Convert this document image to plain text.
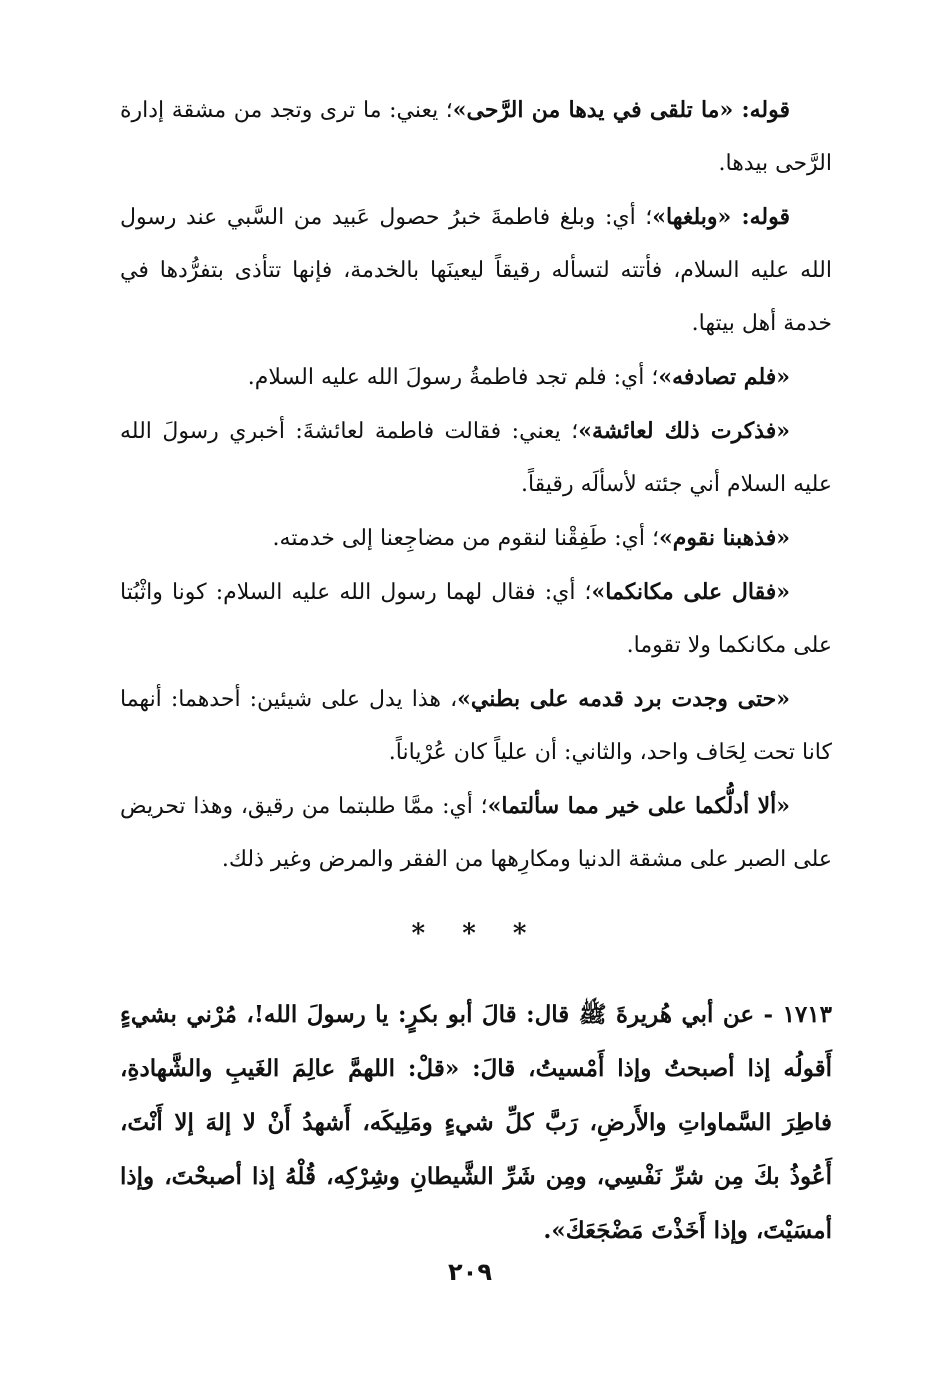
قوله: «ما تلقى في يدها من الرَّحى»؛ يعني: ما ترى وتجد من مشقة إدارة الرَّحى بيدها.

قوله: «وبلغها»؛ أي: وبلغ فاطمةَ خبرُ حصول عَبيد من السَّبي عند رسول الله عليه السلام، فأتته لتسأله رقيقاً ليعينَها بالخدمة، فإنها تتأذى بتفرُّدها في خدمة أهل بيتها.

«فلم تصادفه»؛ أي: فلم تجد فاطمةُ رسولَ الله عليه السلام.

«فذكرت ذلك لعائشة»؛ يعني: فقالت فاطمة لعائشةَ: أخبري رسولَ الله عليه السلام أني جئته لأسألَه رقيقاً.

«فذهبنا نقوم»؛ أي: طَفِقْنا لنقوم من مضاجِعنا إلى خدمته.

«فقال على مكانكما»؛ أي: فقال لهما رسول الله عليه السلام: كونا واثْبُتا على مكانكما ولا تقوما.

«حتى وجدت برد قدمه على بطني»، هذا يدل على شيئين: أحدهما: أنهما كانا تحت لِحَاف واحد، والثاني: أن علياً كان عُرْياناً.

«ألا أدلُّكما على خير مما سألتما»؛ أي: ممَّا طلبتما من رقيق، وهذا تحريض على الصبر على مشقة الدنيا ومكارِهها من الفقر والمرض وغير ذلك.

* * *

١٧١٣ - عن أبي هُريرةَ ﷺ قال: قالَ أبو بكرٍ: يا رسولَ الله!، مُرْني بشيءٍ أَقولُه إذا أصبحتُ وإذا أَمْسيتُ، قالَ: «قلْ: اللهمَّ عالِمَ الغَيبِ والشَّهادةِ، فاطِرَ السَّماواتِ والأَرضِ، رَبَّ كلِّ شيءٍ ومَلِيكَه، أَشهدُ أَنْ لا إلهَ إلا أَنْتَ، أَعُوذُ بكَ مِن شرِّ نَفْسِي، ومِن شَرِّ الشَّيطانِ وشِرْكِه، قُلْهُ إذا أصبحْتَ، وإذا أمسَيْتَ، وإذا أَخَذْتَ مَضْجَعَكَ».

٢٠٩
